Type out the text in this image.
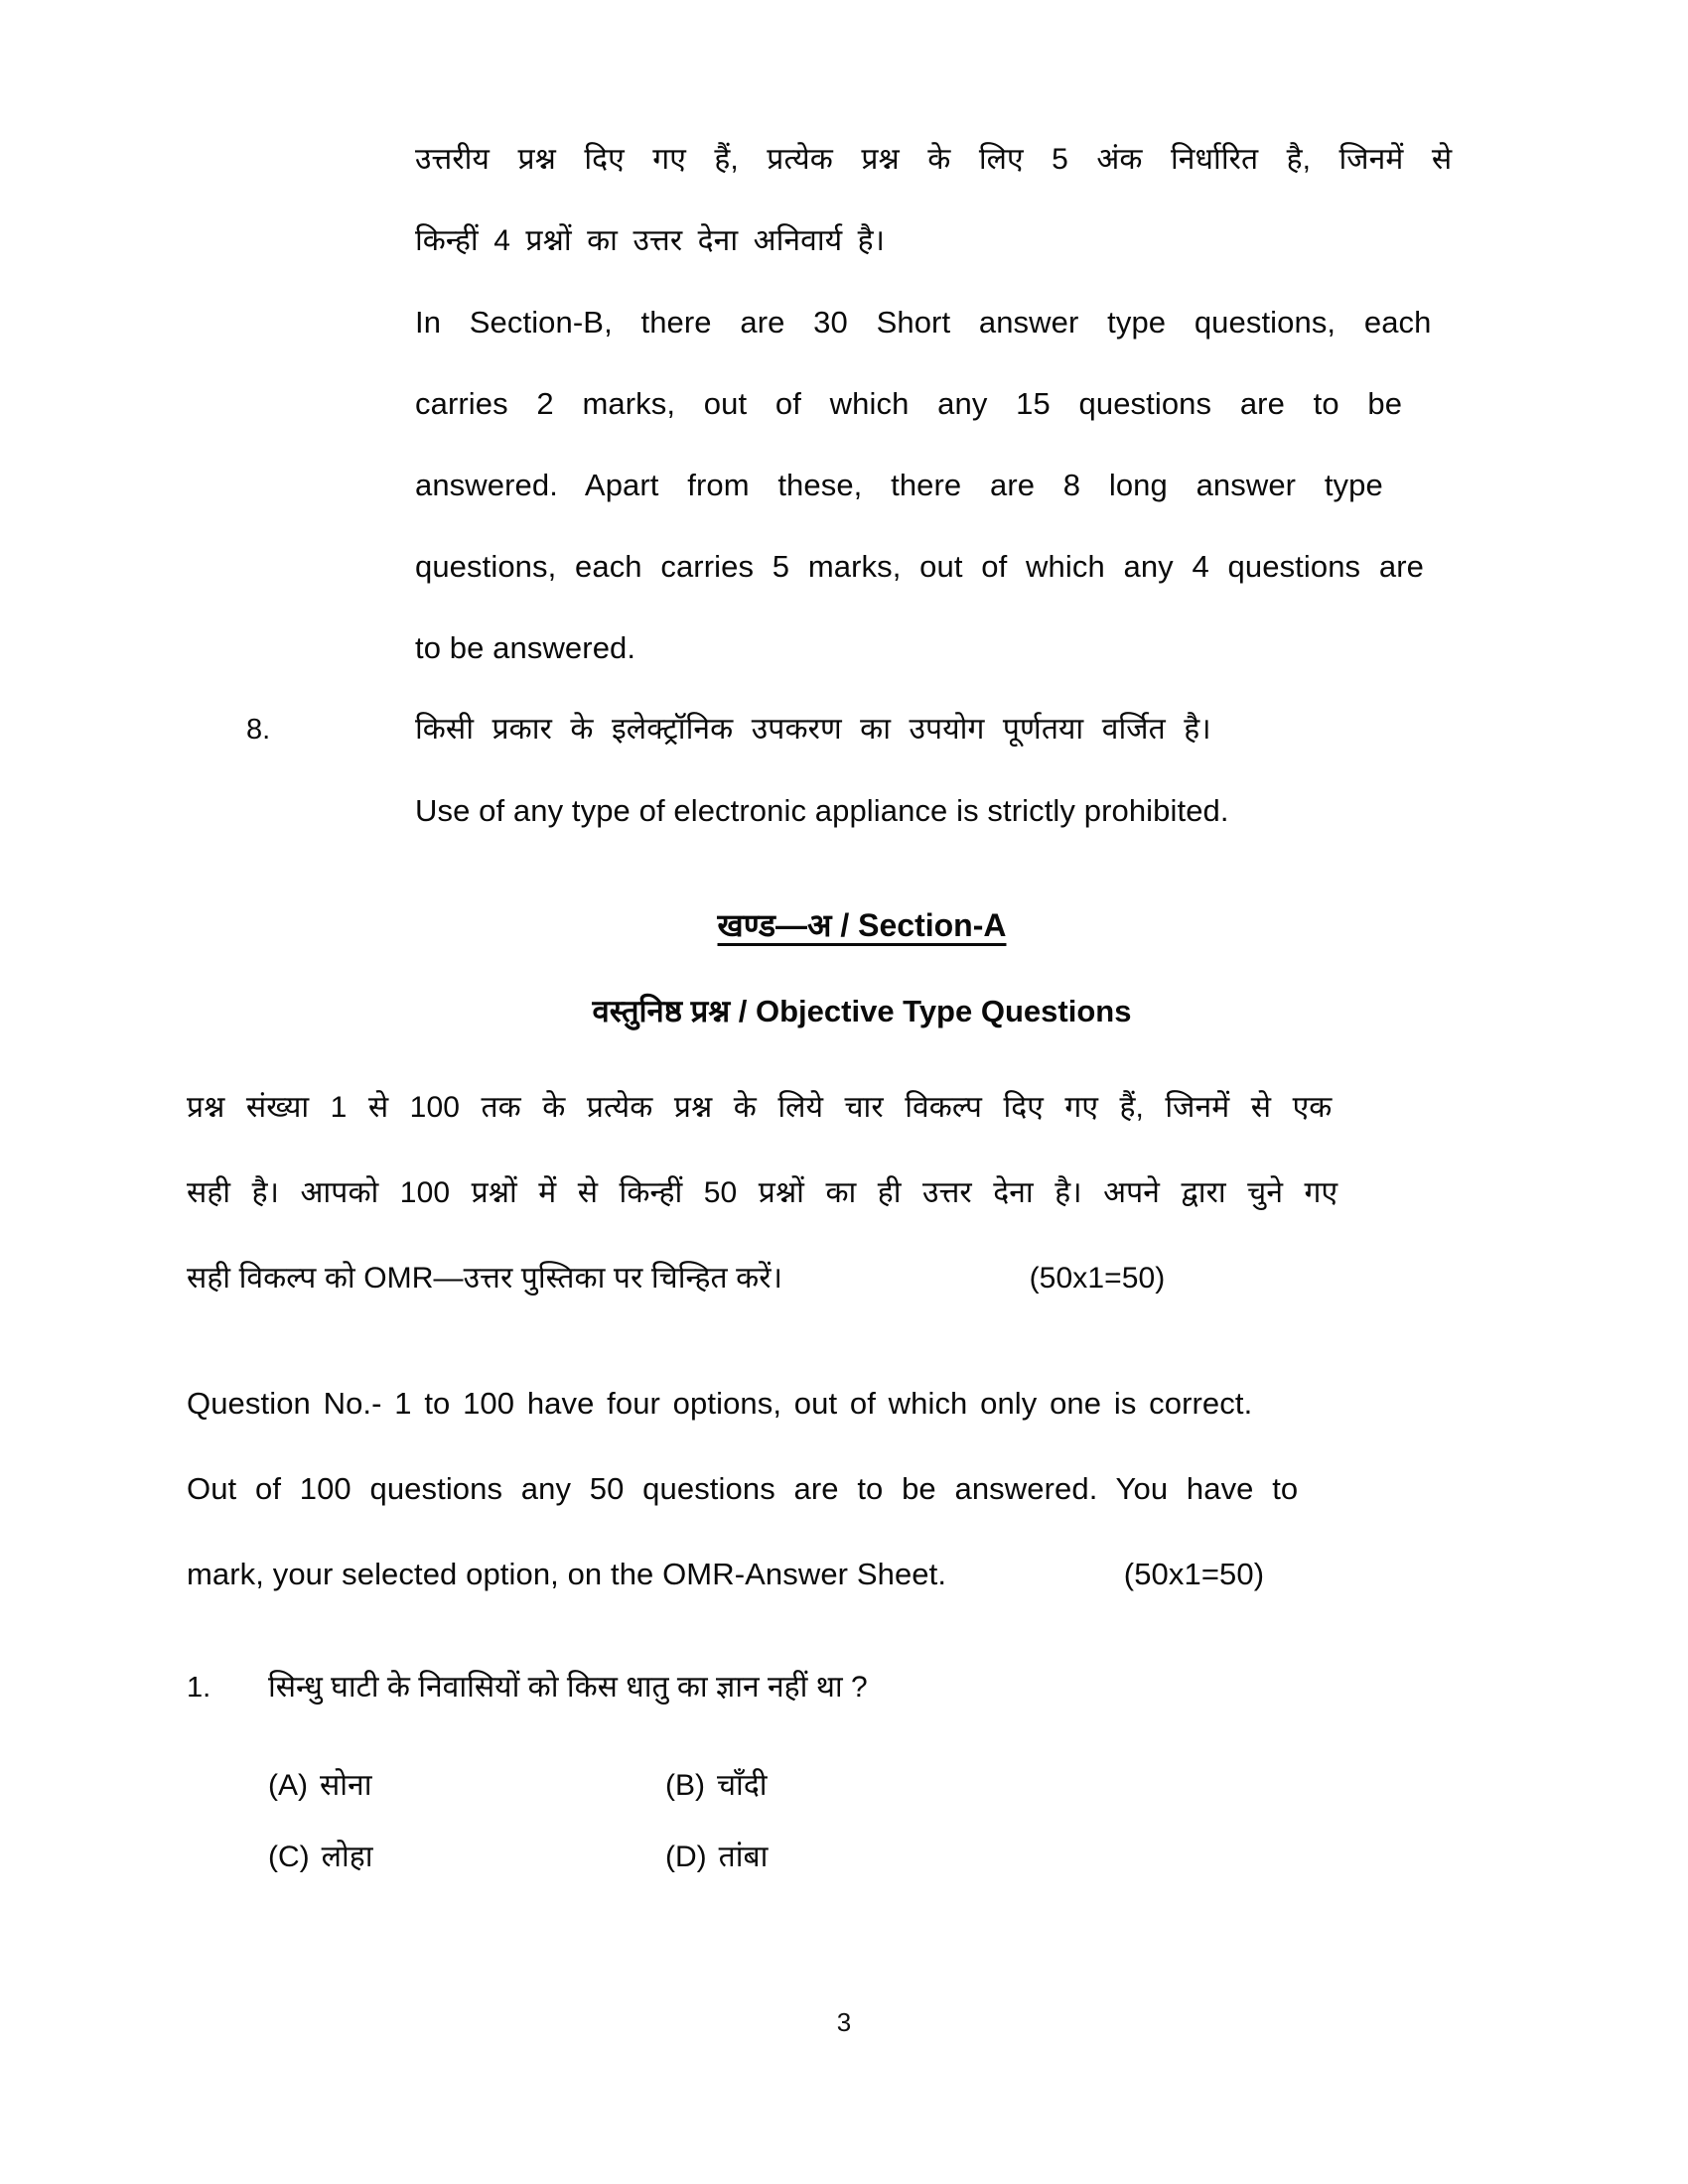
उत्तरीय प्रश्न दिए गए हैं, प्रत्येक प्रश्न के लिए 5 अंक निर्धारित है, जिनमें से
किन्हीं 4 प्रश्नों का उत्तर देना अनिवार्य है।
In Section-B, there are 30 Short answer type questions, each
carries 2 marks, out of which any 15 questions are to be
answered. Apart from these, there are 8 long answer type
questions, each carries 5 marks, out of which any 4 questions are
to be answered.
8.	किसी प्रकार के इलेक्ट्रॉनिक उपकरण का उपयोग पूर्णतया वर्जित है।
Use of any type of electronic appliance is strictly prohibited.
खण्ड—अ / Section-A
वस्तुनिष्ठ प्रश्न / Objective Type Questions
प्रश्न संख्या 1 से 100 तक के प्रत्येक प्रश्न के लिये चार विकल्प दिए गए हैं, जिनमें से एक
सही है। आपको 100 प्रश्नों में से किन्हीं 50 प्रश्नों का ही उत्तर देना है। अपने द्वारा चुने गए
सही विकल्प को OMR—उत्तर पुस्तिका पर चिन्हित करें।	(50x1=50)
Question No.- 1 to 100 have four options, out of which only one is correct.
Out of 100 questions any 50 questions are to be answered. You have to
mark, your selected option, on the OMR-Answer Sheet.	(50x1=50)
1. सिन्धु घाटी के निवासियों को किस धातु का ज्ञान नहीं था ?
(A) सोना	(B) चाँदी
(C) लोहा	(D) तांबा
3
